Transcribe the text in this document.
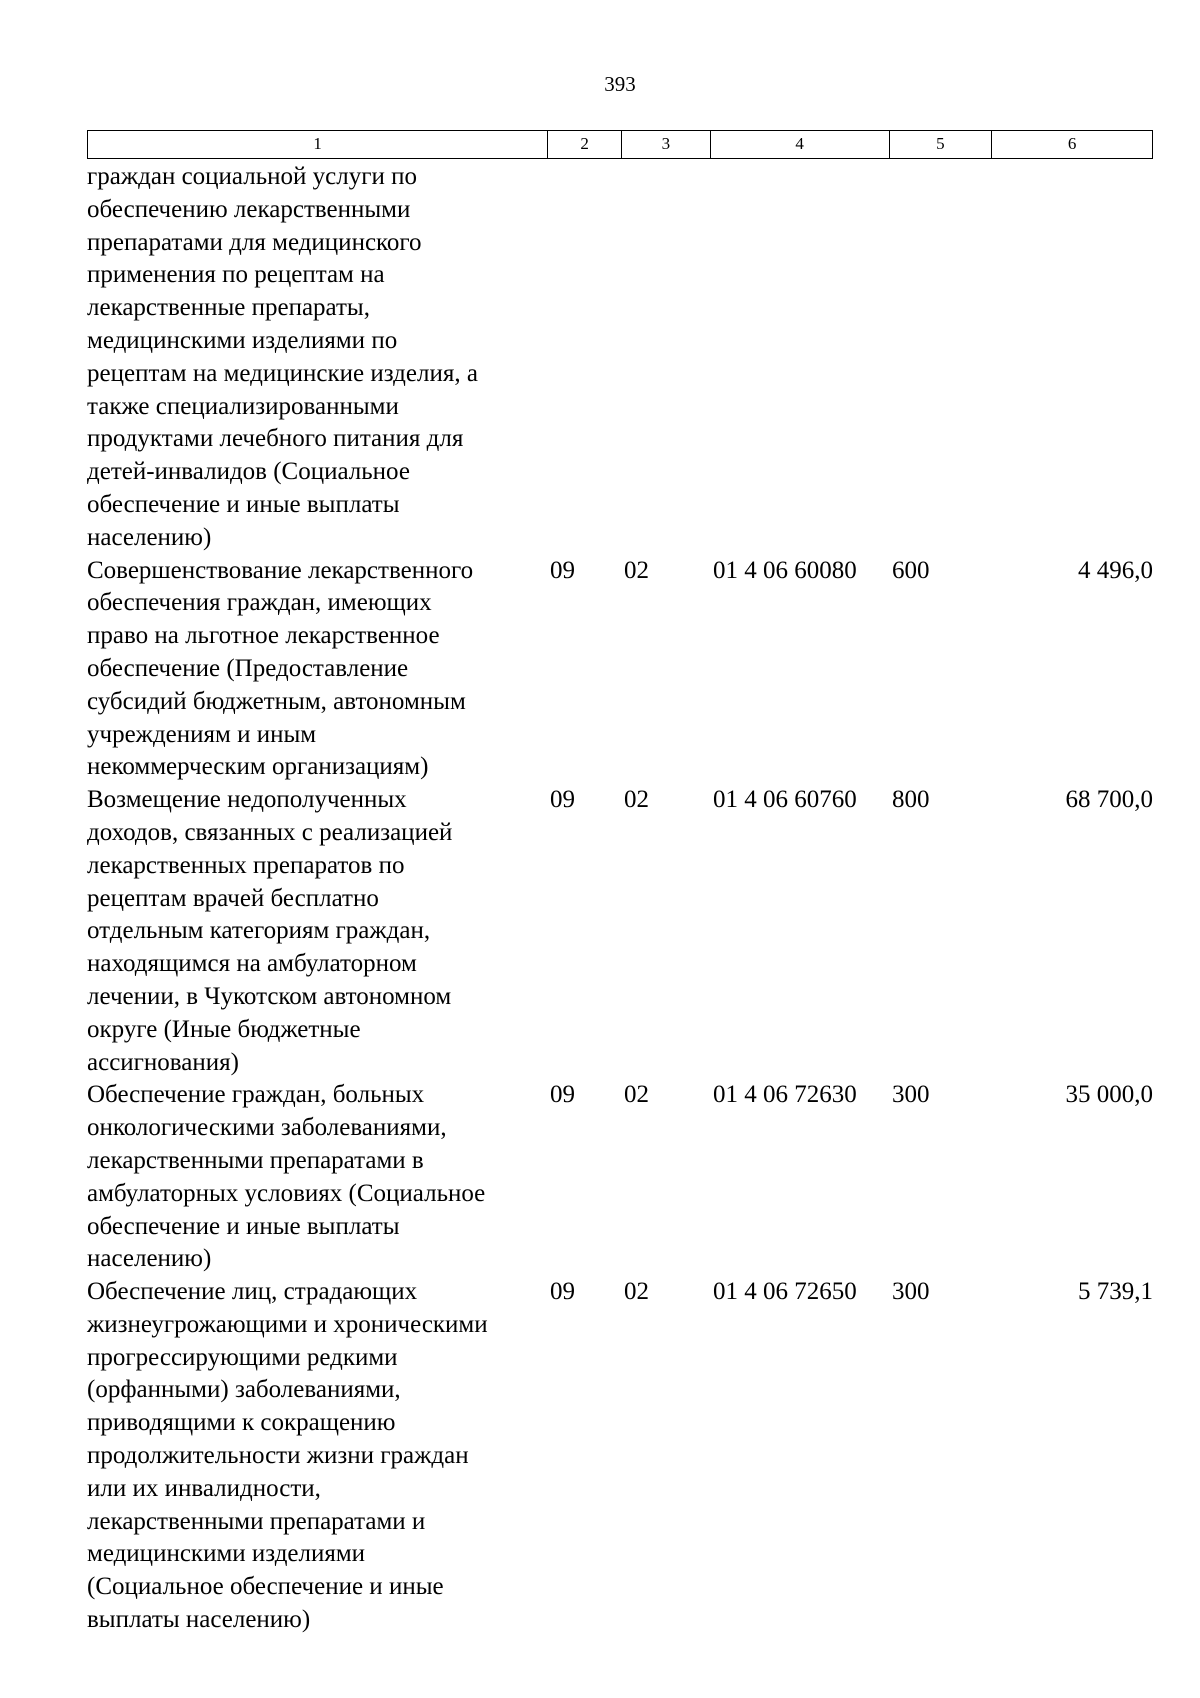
393
1	2	3	4	5	6
граждан социальной услуги по
обеспечению лекарственными
препаратами для медицинского
применения по рецептам на
лекарственные препараты,
медицинскими изделиями по
рецептам на медицинские изделия, а
также специализированными
продуктами лечебного питания для
детей-инвалидов (Социальное
обеспечение и иные выплаты
населению)
Совершенствование лекарственного
обеспечения граждан, имеющих
право на льготное лекарственное
обеспечение (Предоставление
субсидий бюджетным, автономным
учреждениям и иным
некоммерческим организациям)
09	02	01 4 06 60080	600	4 496,0
Возмещение недополученных
доходов, связанных с реализацией
лекарственных препаратов по
рецептам врачей бесплатно
отдельным категориям граждан,
находящимся на амбулаторном
лечении, в Чукотском автономном
округе (Иные бюджетные
ассигнования)
09	02	01 4 06 60760	800	68 700,0
Обеспечение граждан, больных
онкологическими заболеваниями,
лекарственными препаратами в
амбулаторных условиях (Социальное
обеспечение и иные выплаты
населению)
09	02	01 4 06 72630	300	35 000,0
Обеспечение лиц, страдающих
жизнеугрожающими и хроническими
прогрессирующими редкими
(орфанными) заболеваниями,
приводящими к сокращению
продолжительности жизни граждан
или их инвалидности,
лекарственными препаратами и
медицинскими изделиями
(Социальное обеспечение и иные
выплаты населению)
09	02	01 4 06 72650	300	5 739,1
